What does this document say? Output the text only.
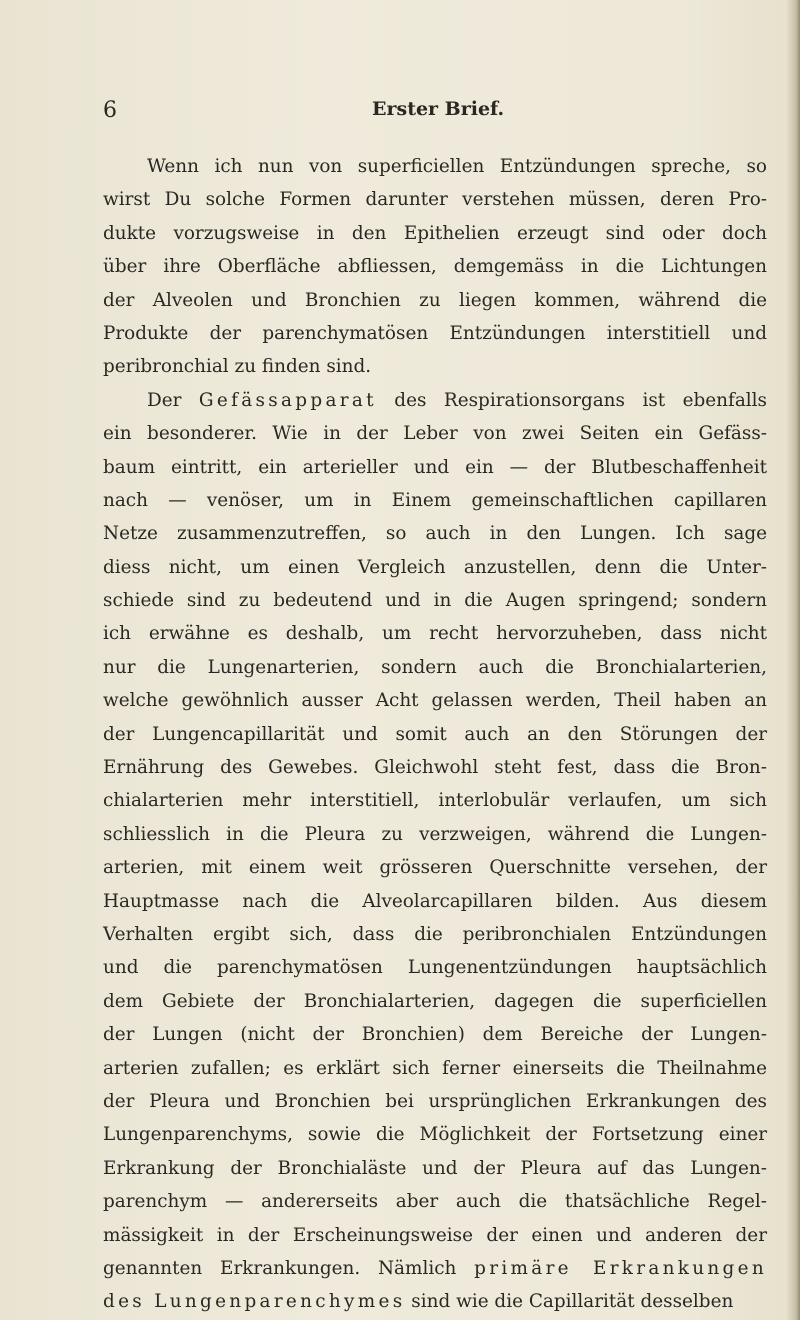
6	Erster Brief.
Wenn ich nun von superficiellen Entzündungen spreche, so
wirst Du solche Formen darunter verstehen müssen, deren Pro-
dukte vorzugsweise in den Epithelien erzeugt sind oder doch
über ihre Oberfläche abfliessen, demgemäss in die Lichtungen
der Alveolen und Bronchien zu liegen kommen, während die
Produkte der parenchymatösen Entzündungen interstitiell und
peribronchial zu finden sind.
Der Gefässapparat des Respirationsorgans ist ebenfalls
ein besonderer. Wie in der Leber von zwei Seiten ein Gefäss-
baum eintritt, ein arterieller und ein — der Blutbeschaffenheit
nach — venöser, um in Einem gemeinschaftlichen capillaren
Netze zusammenzutreffen, so auch in den Lungen. Ich sage
diess nicht, um einen Vergleich anzustellen, denn die Unter-
schiede sind zu bedeutend und in die Augen springend; sondern
ich erwähne es deshalb, um recht hervorzuheben, dass nicht
nur die Lungenarterien, sondern auch die Bronchialarterien,
welche gewöhnlich ausser Acht gelassen werden, Theil haben an
der Lungencapillarität und somit auch an den Störungen der
Ernährung des Gewebes. Gleichwohl steht fest, dass die Bron-
chialarterien mehr interstitiell, interlobulär verlaufen, um sich
schliesslich in die Pleura zu verzweigen, während die Lungen-
arterien, mit einem weit grösseren Querschnitte versehen, der
Hauptmasse nach die Alveolarcapillaren bilden. Aus diesem
Verhalten ergibt sich, dass die peribronchialen Entzündungen
und die parenchymatösen Lungenentzündungen hauptsächlich
dem Gebiete der Bronchialarterien, dagegen die superficiellen
der Lungen (nicht der Bronchien) dem Bereiche der Lungen-
arterien zufallen; es erklärt sich ferner einerseits die Theilnahme
der Pleura und Bronchien bei ursprünglichen Erkrankungen des
Lungenparenchyms, sowie die Möglichkeit der Fortsetzung einer
Erkrankung der Bronchialäste und der Pleura auf das Lungen-
parenchym — andererseits aber auch die thatsächliche Regel-
mässigkeit in der Erscheinungsweise der einen und anderen der
genannten Erkrankungen. Nämlich primäre Erkrankungen
des Lungenparenchymes sind wie die Capillarität desselben
